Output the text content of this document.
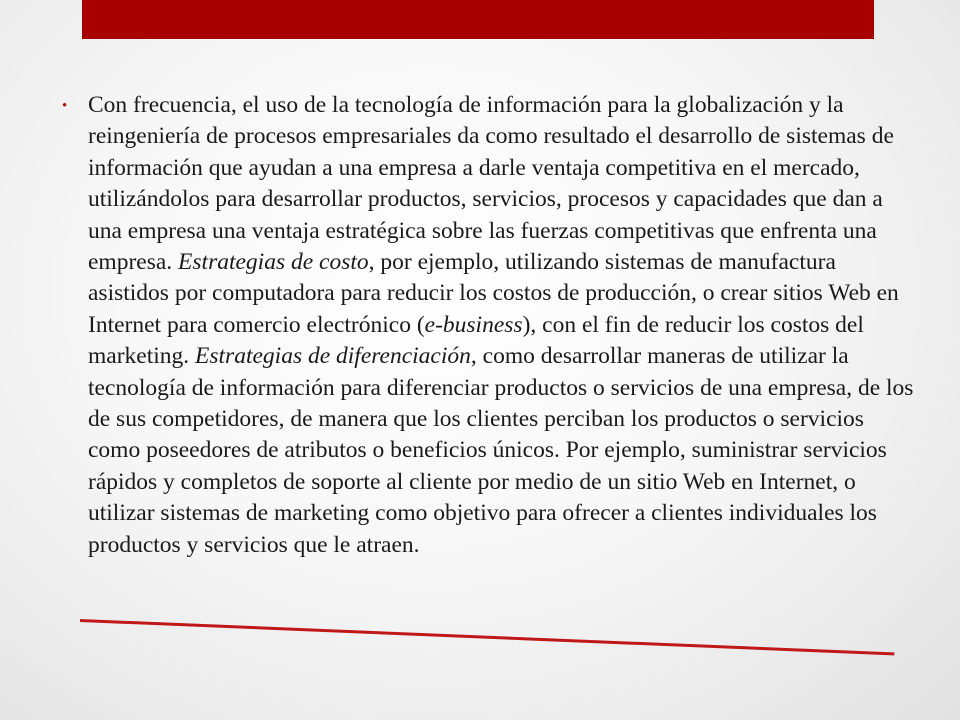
• Con frecuencia, el uso de la tecnología de información para la globalización y la reingeniería de procesos empresariales da como resultado el desarrollo de sistemas de información que ayudan a una empresa a darle ventaja competitiva en el mercado, utilizándolos para desarrollar productos, servicios, procesos y capacidades que dan a una empresa una ventaja estratégica sobre las fuerzas competitivas que enfrenta una empresa. Estrategias de costo, por ejemplo, utilizando sistemas de manufactura asistidos por computadora para reducir los costos de producción, o crear sitios Web en Internet para comercio electrónico (e-business), con el fin de reducir los costos del marketing. Estrategias de diferenciación, como desarrollar maneras de utilizar la tecnología de información para diferenciar productos o servicios de una empresa, de los de sus competidores, de manera que los clientes perciban los productos o servicios como poseedores de atributos o beneficios únicos. Por ejemplo, suministrar servicios rápidos y completos de soporte al cliente por medio de un sitio Web en Internet, o utilizar sistemas de marketing como objetivo para ofrecer a clientes individuales los productos y servicios que le atraen.
